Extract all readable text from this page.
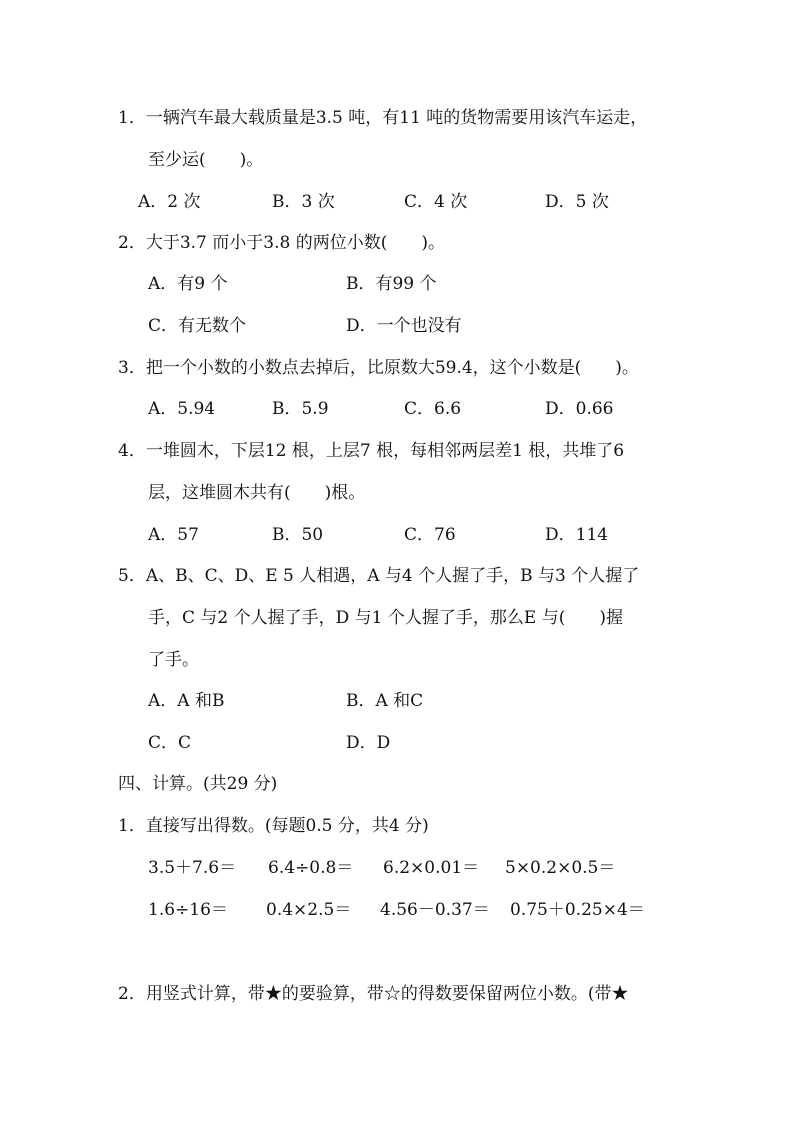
1．一辆汽车最大载质量是3.5 吨，有11 吨的货物需要用该汽车运走，
至少运(　　)。
A．2 次	B．3 次	C．4 次	D．5 次
2．大于3.7 而小于3.8 的两位小数(　　)。
A．有9 个	B．有99 个
C．有无数个	D．一个也没有
3．把一个小数的小数点去掉后，比原数大59.4，这个小数是(　　)。
A．5.94	B．5.9	C．6.6	D．0.66
4．一堆圆木，下层12 根，上层7 根，每相邻两层差1 根，共堆了6
层，这堆圆木共有(　　)根。
A．57	B．50	C．76	D．114
5．A、B、C、D、E 5 人相遇，A 与4 个人握了手，B 与3 个人握了
手，C 与2 个人握了手，D 与1 个人握了手，那么E 与(　　)握
了手。
A．A 和B	B．A 和C
C．C	D．D
四、计算。(共29 分)
1．直接写出得数。(每题0.5 分，共4 分)
3.5＋7.6＝ 6.4÷0.8＝ 6.2×0.01＝ 5×0.2×0.5＝
1.6÷16＝ 0.4×2.5＝ 4.56－0.37＝ 0.75＋0.25×4＝
2．用竖式计算，带★的要验算，带☆的得数要保留两位小数。(带★
